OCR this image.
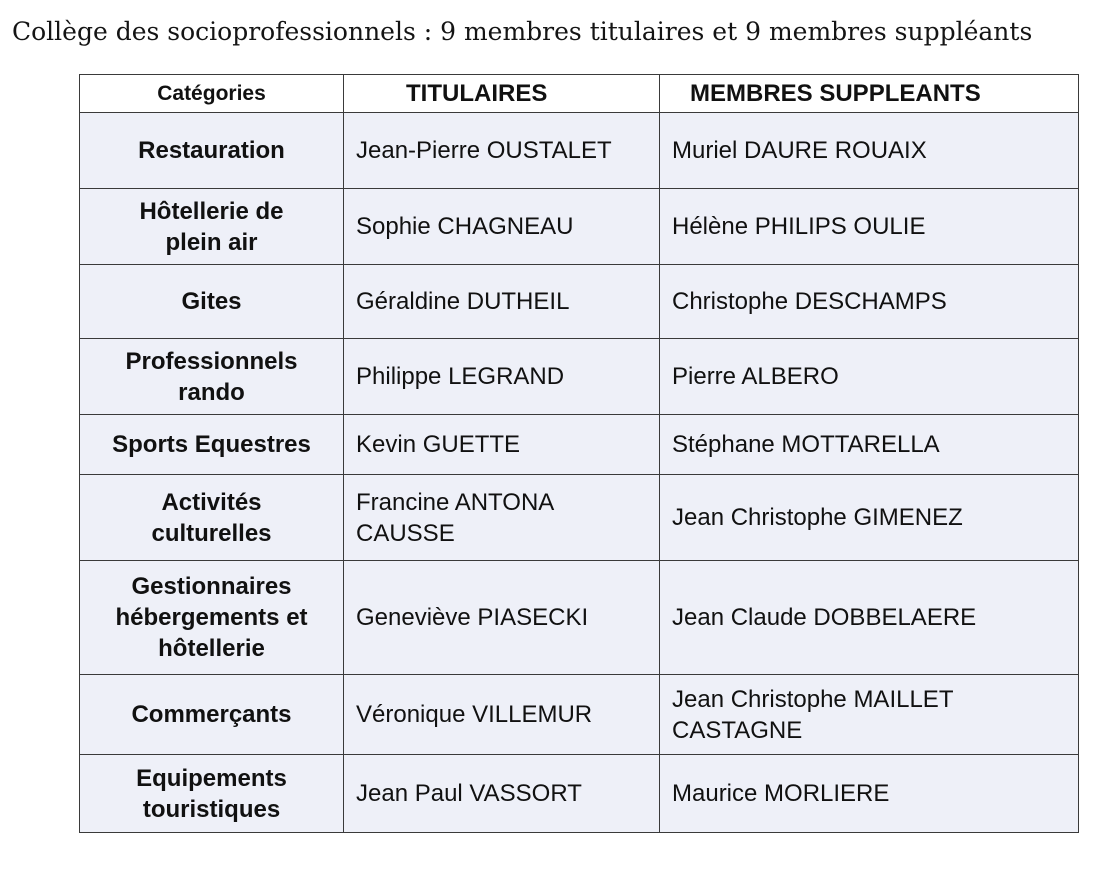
Collège des socioprofessionnels : 9 membres titulaires et 9 membres suppléants
Catégories	TITULAIRES	MEMBRES SUPPLEANTS
Restauration	Jean-Pierre OUSTALET	Muriel DAURE ROUAIX

Hôtellerie de plein air	Sophie CHAGNEAU	Hélène PHILIPS OULIE
Gites	Géraldine DUTHEIL	Christophe DESCHAMPS

Professionnels rando	Philippe LEGRAND	Pierre ALBERO
Sports Equestres	Kevin GUETTE	Stéphane MOTTARELLA

Activités culturelles	Francine ANTONA CAUSSE	Jean Christophe GIMENEZ
Gestionnaires hébergements et hôtellerie	Geneviève PIASECKI	Jean Claude DOBBELAERE
Commerçants	Véronique VILLEMUR	Jean Christophe MAILLET CASTAGNE

Equipements touristiques	Jean Paul VASSORT	Maurice MORLIERE
